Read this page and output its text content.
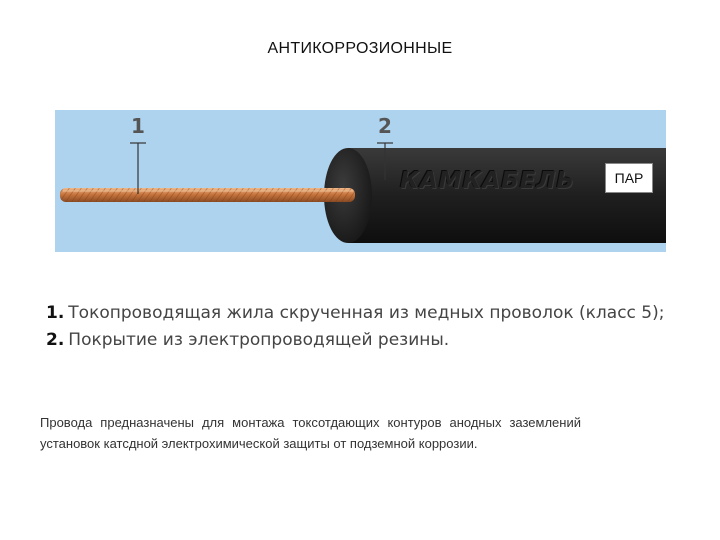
АНТИКОРРОЗИОННЫЕ
1	2
КАМКАБЕЛЬ	ПАР
1. Токопроводящая жила скрученная из медных проволок (класс 5);
2. Покрытие из электропроводящей резины.
Провода предназначены для монтажа токсотдающих контуров анодных заземлений установок катсдной электрохимической защиты от подземной коррозии.
